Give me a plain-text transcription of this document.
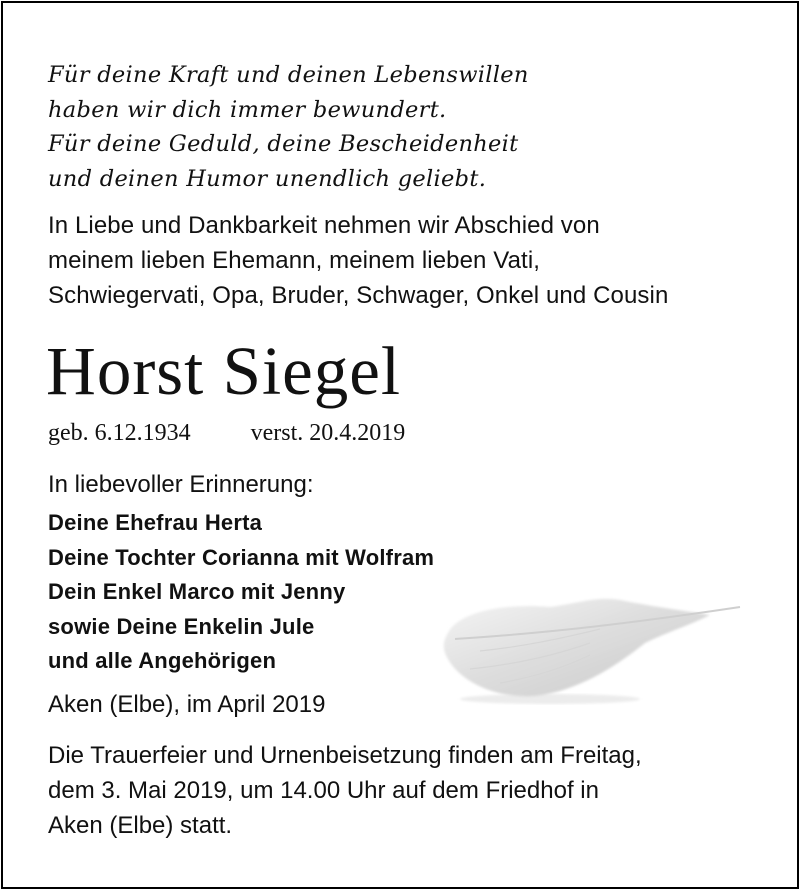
Für deine Kraft und deinen Lebenswillen
haben wir dich immer bewundert.
Für deine Geduld, deine Bescheidenheit
und deinen Humor unendlich geliebt.
In Liebe und Dankbarkeit nehmen wir Abschied von
meinem lieben Ehemann, meinem lieben Vati,
Schwiegervati, Opa, Bruder, Schwager, Onkel und Cousin
Horst Siegel
geb. 6.12.1934	verst. 20.4.2019
In liebevoller Erinnerung:
Deine Ehefrau Herta
Deine Tochter Corianna mit Wolfram
Dein Enkel Marco mit Jenny
sowie Deine Enkelin Jule
und alle Angehörigen
Aken (Elbe), im April 2019
Die Trauerfeier und Urnenbeisetzung finden am Freitag,
dem 3. Mai 2019, um 14.00 Uhr auf dem Friedhof in
Aken (Elbe) statt.
